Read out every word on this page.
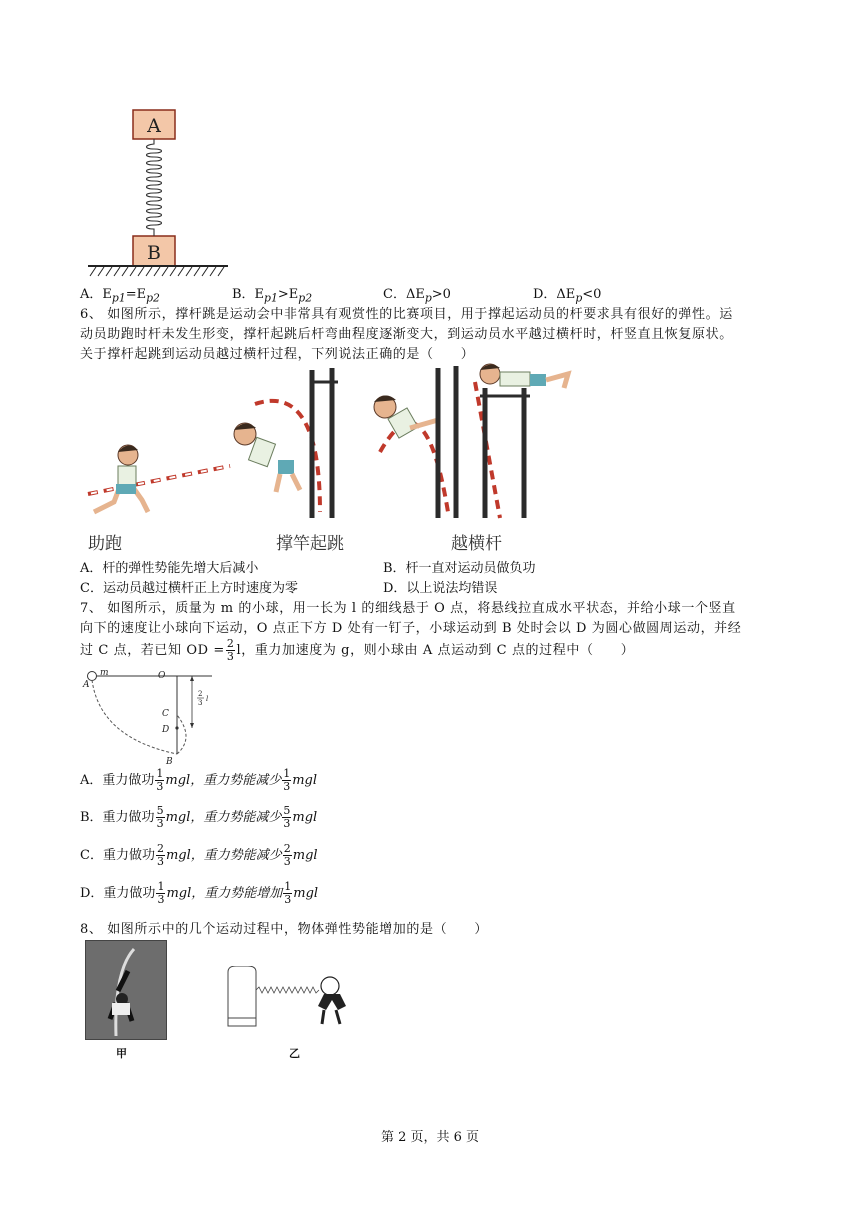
A
B
A．$E_{p1}=E_{p2}$	B．$E_{p1}>E_{p2}$	C．$\Delta E_p>0$	D．$\Delta E_p<0$
6、 如图所示，撑杆跳是运动会中非常具有观赏性的比赛项目，用于撑起运动员的杆要求具有很好的弹性。运
动员助跑时杆未发生形变，撑杆起跳后杆弯曲程度逐渐变大，到运动员水平越过横杆时，杆竖直且恢复原状。
关于撑杆起跳到运动员越过横杆过程，下列说法正确的是（　　）
助跑	撑竿起跳	越横杆
A．杆的弹性势能先增大后减小	B．杆一直对运动员做负功
C．运动员越过横杆正上方时速度为零	D．以上说法均错误
7、 如图所示，质量为 m 的小球，用一长为 l 的细线悬于 O 点，将悬线拉直成水平状态，并给小球一个竖直
向下的速度让小球向下运动，O 点正下方 D 处有一钉子，小球运动到 B 处时会以 D 为圆心做圆周运动，并经
过 C 点，若已知 OD = $\frac{2}{3}$ l，重力加速度为 g，则小球由 A 点运动到 C 点的过程中（　　）
m	O
A
C
D
B
2
3 l
A．重力做功 $\frac{1}{3}$ mgl，重力势能减少 $\frac{1}{3}$ mgl
B．重力做功 $\frac{5}{3}$ mgl，重力势能减少 $\frac{5}{3}$ mgl
C．重力做功 $\frac{2}{3}$ mgl，重力势能减少 $\frac{2}{3}$ mgl
D．重力做功 $\frac{1}{3}$ mgl，重力势能增加 $\frac{1}{3}$ mgl
8、 如图所示中的几个运动过程中，物体弹性势能增加的是（　　）
甲	乙
第 2 页，共 6 页
